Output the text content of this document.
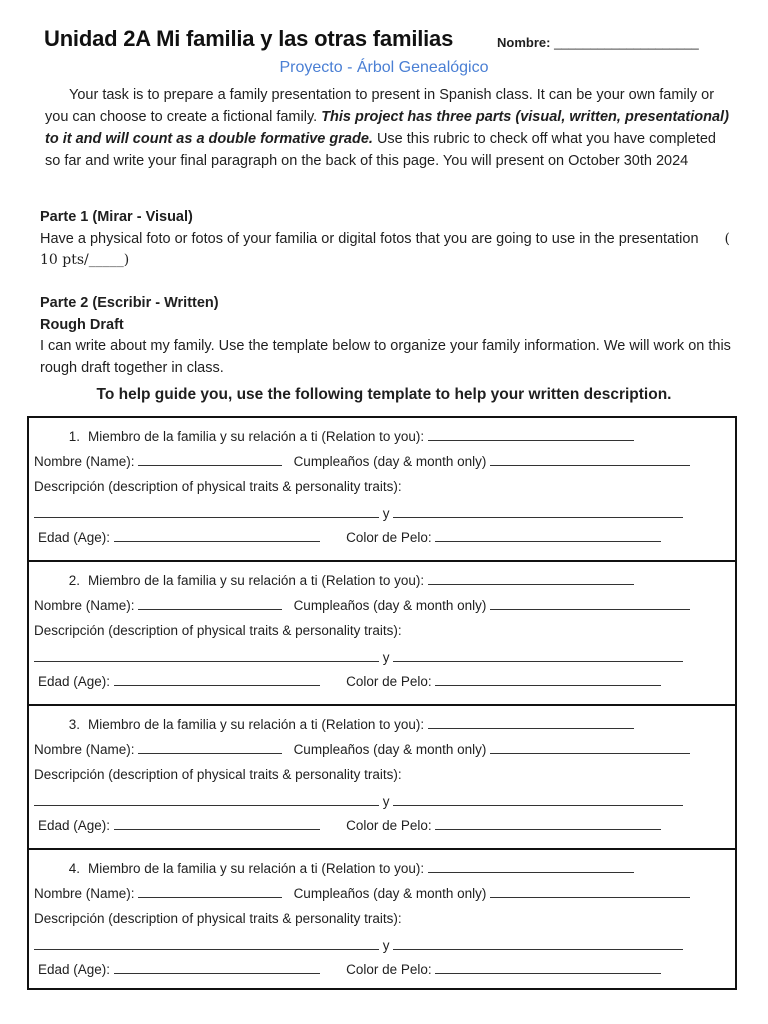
Unidad 2A Mi familia y las otras familias	Nombre: ____________________
Proyecto - Árbol Genealógico

Your task is to prepare a family presentation to present in Spanish class. It can be your own family or you can choose to create a fictional family. This project has three parts (visual, written, presentational) to it and will count as a double formative grade. Use this rubric to check off what you have completed so far and write your final paragraph on the back of this page. You will present on October 30th 2024

Parte 1 (Mirar - Visual)
Have a physical foto or fotos of your familia or digital fotos that you are going to use in the presentation ( 10 pts/_____)
Parte 2 (Escribir - Written)
Rough Draft
I can write about my family. Use the template below to organize your family information. We will work on this rough draft together in class.
To help guide you, use the following template to help your written description.
1. Miembro de la familia y su relación a ti (Relation to you):
Nombre (Name):	Cumpleaños (day & month only)
Descripción (description of physical traits & personality traits):
y
Edad (Age):	Color de Pelo:
2. Miembro de la familia y su relación a ti (Relation to you):
Nombre (Name):	Cumpleaños (day & month only)
Descripción (description of physical traits & personality traits):
y
Edad (Age):	Color de Pelo:
3. Miembro de la familia y su relación a ti (Relation to you):
Nombre (Name):	Cumpleaños (day & month only)
Descripción (description of physical traits & personality traits):
y
Edad (Age):	Color de Pelo:
4. Miembro de la familia y su relación a ti (Relation to you):
Nombre (Name):	Cumpleaños (day & month only)
Descripción (description of physical traits & personality traits):
y
Edad (Age):	Color de Pelo:
